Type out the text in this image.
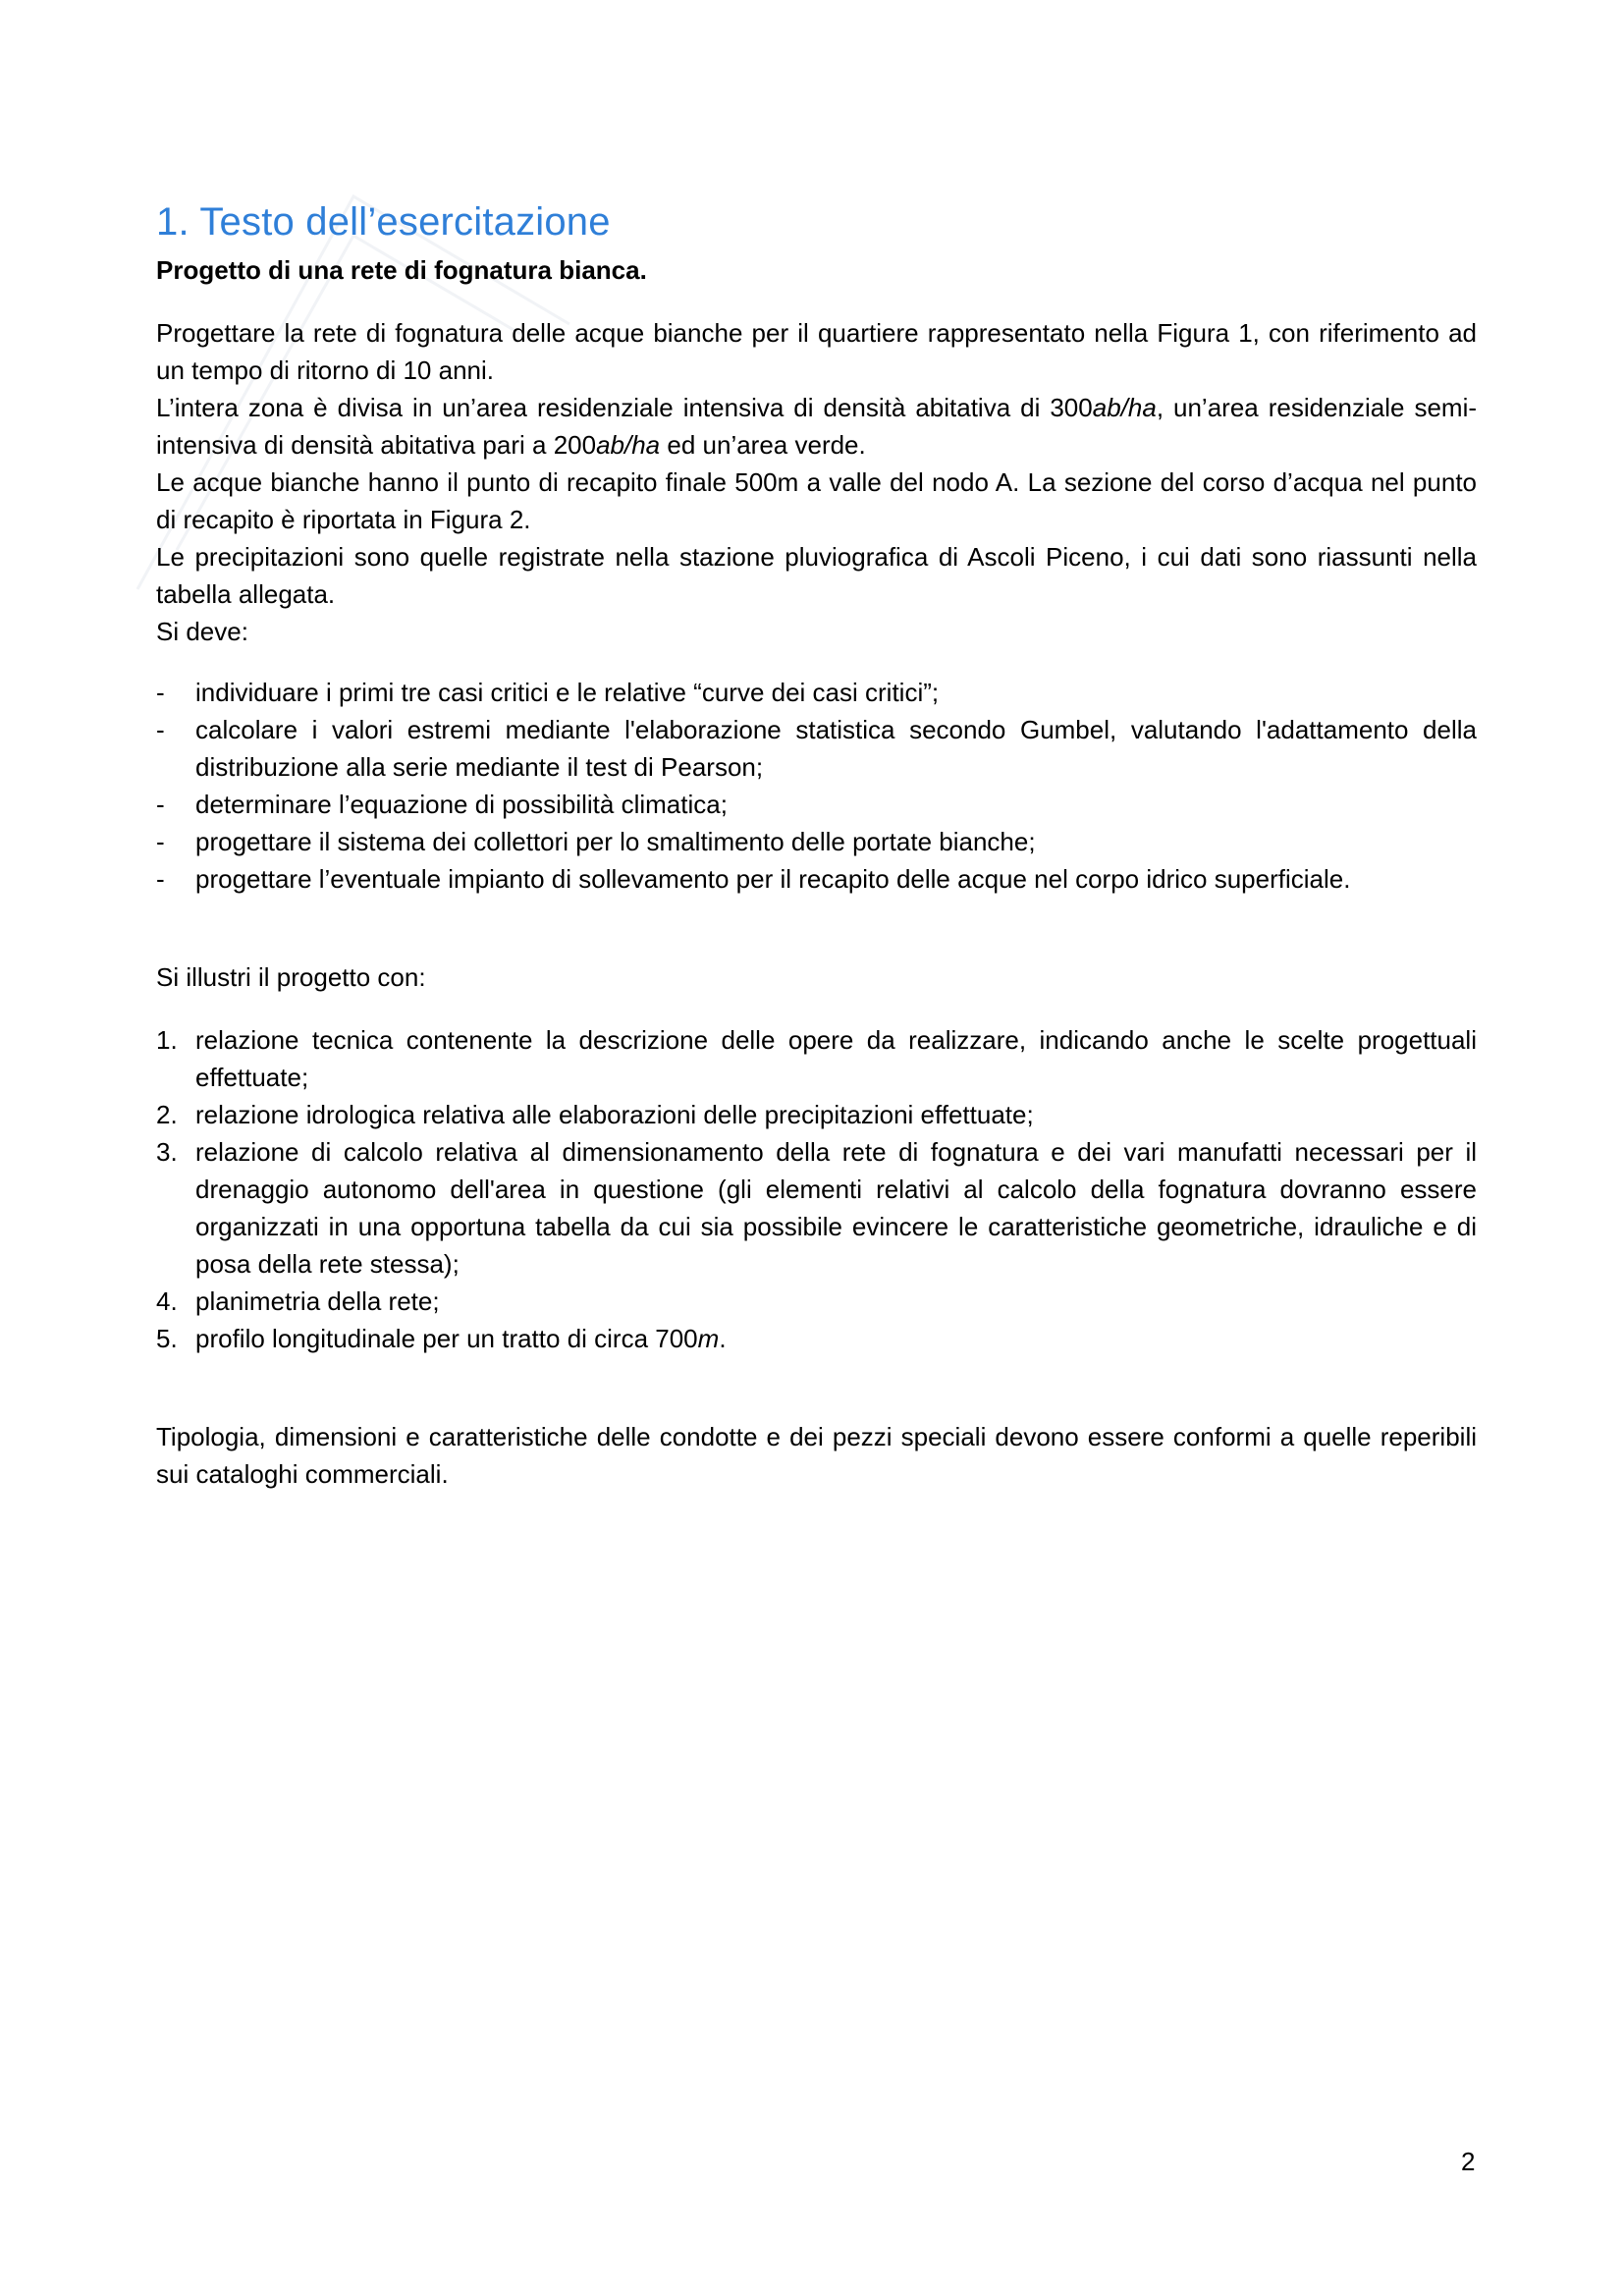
1. Testo dell’esercitazione

Progetto di una rete di fognatura bianca.

Progettare la rete di fognatura delle acque bianche per il quartiere rappresentato nella Figura 1, con riferimento ad un tempo di ritorno di 10 anni.

L’intera zona è divisa in un’area residenziale intensiva di densità abitativa di 300ab/ha, un’area residenziale semi-intensiva di densità abitativa pari a 200ab/ha ed un’area verde.

Le acque bianche hanno il punto di recapito finale 500m a valle del nodo A. La sezione del corso d’acqua nel punto di recapito è riportata in Figura 2.

Le precipitazioni sono quelle registrate nella stazione pluviografica di Ascoli Piceno, i cui dati sono riassunti nella tabella allegata.

Si deve:

-	individuare i primi tre casi critici e le relative “curve dei casi critici”;
-	calcolare i valori estremi mediante l'elaborazione statistica secondo Gumbel, valutando l'adattamento della distribuzione alla serie mediante il test di Pearson;
-	determinare l’equazione di possibilità climatica;
-	progettare il sistema dei collettori per lo smaltimento delle portate bianche;
-	progettare l’eventuale impianto di sollevamento per il recapito delle acque nel corpo idrico superficiale.

Si illustri il progetto con:

1. relazione tecnica contenente la descrizione delle opere da realizzare, indicando anche le scelte progettuali effettuate;
2. relazione idrologica relativa alle elaborazioni delle precipitazioni effettuate;
3. relazione di calcolo relativa al dimensionamento della rete di fognatura e dei vari manufatti necessari per il drenaggio autonomo dell'area in questione (gli elementi relativi al calcolo della fognatura dovranno essere organizzati in una opportuna tabella da cui sia possibile evincere le caratteristiche geometriche, idrauliche e di posa della rete stessa);
4. planimetria della rete;
5. profilo longitudinale per un tratto di circa 700m.

Tipologia, dimensioni e caratteristiche delle condotte e dei pezzi speciali devono essere conformi a quelle reperibili sui cataloghi commerciali.

2
